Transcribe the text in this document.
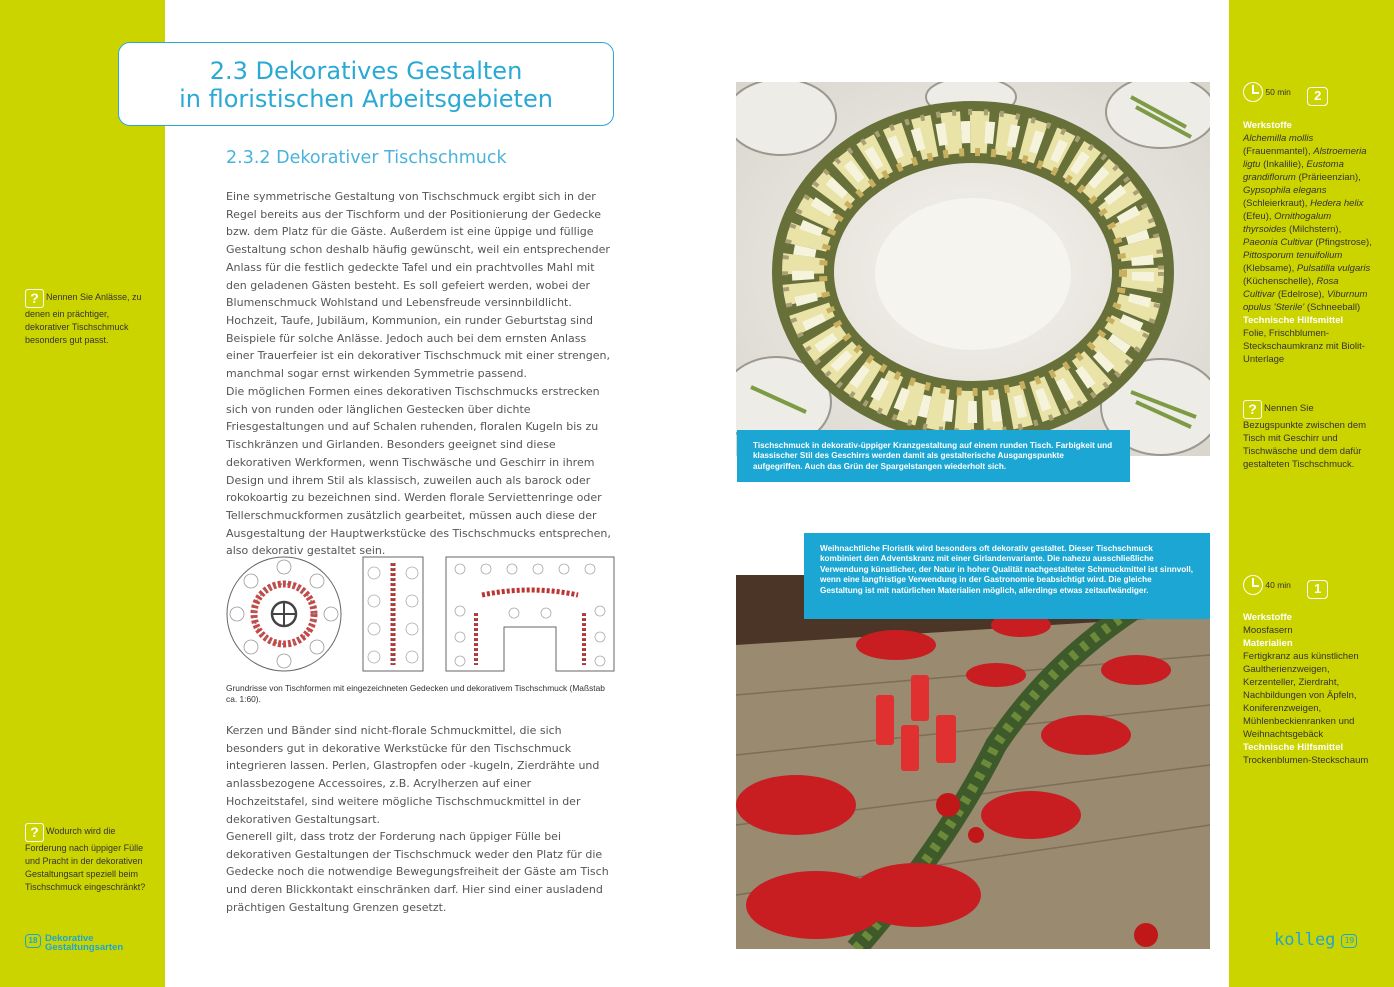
2.3 Dekoratives Gestalten
in floristischen Arbeitsgebieten
2.3.2 Dekorativer Tischschmuck

Eine symmetrische Gestaltung von Tischschmuck ergibt sich in der Regel bereits aus der Tischform und der Positionierung der Gedecke bzw. dem Platz für die Gäste. Außerdem ist eine üppige und füllige Gestaltung schon deshalb häufig gewünscht, weil ein entsprechender Anlass für die festlich gedeckte Tafel und ein prachtvolles Mahl mit den geladenen Gästen besteht. Es soll gefeiert werden, wobei der Blumenschmuck Wohlstand und Lebensfreude versinnbildlicht. Hochzeit, Taufe, Jubiläum, Kommunion, ein runder Geburtstag sind Beispiele für solche Anlässe. Jedoch auch bei dem ernsten Anlass einer Trauerfeier ist ein dekorativer Tischschmuck mit einer strengen, manchmal sogar ernst wirkenden Symmetrie passend.

Die möglichen Formen eines dekorativen Tischschmucks erstrecken sich von runden oder länglichen Gestecken über dichte Friesgestaltungen und auf Schalen ruhenden, floralen Kugeln bis zu Tischkränzen und Girlanden. Besonders geeignet sind diese dekorativen Werkformen, wenn Tischwäsche und Geschirr in ihrem Design und ihrem Stil als klassisch, zuweilen auch als barock oder rokokoartig zu bezeichnen sind. Werden florale Serviettenringe oder Tellerschmuckformen zusätzlich gearbeitet, müssen auch diese der Ausgestaltung der Hauptwerkstücke des Tischschmucks entsprechen, also dekorativ gestaltet sein.

Grundrisse von Tischformen mit eingezeichneten Gedecken und dekorativem Tischschmuck (Maßstab ca. 1:60).

Kerzen und Bänder sind nicht-florale Schmuckmittel, die sich besonders gut in dekorative Werkstücke für den Tischschmuck integrieren lassen. Perlen, Glastropfen oder -kugeln, Zierdrähte und anlassbezogene Accessoires, z.B. Acrylherzen auf einer Hochzeitstafel, sind weitere mögliche Tischschmuckmittel in der dekorativen Gestaltungsart.

Generell gilt, dass trotz der Forderung nach üppiger Fülle bei dekorativen Gestaltungen der Tischschmuck weder den Platz für die Gedecke noch die notwendige Bewegungsfreiheit der Gäste am Tisch und deren Blickkontakt einschränken darf. Hier sind einer ausladend prächtigen Gestaltung Grenzen gesetzt.

? Nennen Sie Anlässe, zu denen ein prächtiger, dekorativer Tischschmuck besonders gut passt.
? Wodurch wird die Forderung nach üppiger Fülle und Pracht in der dekorativen Gestaltungsart speziell beim Tischschmuck eingeschränkt?
18 Dekorative
Gestaltungsarten	kolleg 19
Tischschmuck in dekorativ-üppiger Kranzgestaltung auf einem runden Tisch. Farbigkeit und klassischer Stil des Geschirrs werden damit als gestalterische Ausgangspunkte aufgegriffen. Auch das Grün der Spargelstangen wiederholt sich.
Weihnachtliche Floristik wird besonders oft dekorativ gestaltet. Dieser Tischschmuck kombiniert den Adventskranz mit einer Girlandenvariante. Die nahezu ausschließliche Verwendung künstlicher, der Natur in hoher Qualität nachgestalteter Schmuckmittel ist sinnvoll, wenn eine langfristige Verwendung in der Gastronomie beabsichtigt wird. Die gleiche Gestaltung ist mit natürlichen Materialien möglich, allerdings etwas zeitaufwändiger.
50 min 2
Werkstoffe
Alchemilla mollis (Frauenmantel), Alstroemeria ligtu (Inkalilie), Eustoma grandiflorum (Prärieenzian), Gypsophila elegans (Schleierkraut), Hedera helix (Efeu), Ornithogalum thyrsoides (Milchstern), Paeonia Cultivar (Pfingstrose), Pittosporum tenuifolium (Klebsame), Pulsatilla vulgaris (Küchenschelle), Rosa Cultivar (Edelrose), Viburnum opulus 'Sterile' (Schneeball)
Technische Hilfsmittel
Folie, Frischblumen-Steckschaumkranz mit Biolit-Unterlage
? Nennen Sie Bezugspunkte zwischen dem Tisch mit Geschirr und Tischwäsche und dem dafür gestalteten Tischschmuck.
40 min 1
Werkstoffe
Moosfasern
Materialien
Fertigkranz aus künstlichen Gaultherienzweigen, Kerzenteller, Zierdraht, Nachbildungen von Äpfeln, Koniferenzweigen, Mühlenbeckienranken und Weihnachtsgebäck
Technische Hilfsmittel
Trockenblumen-Steckschaum
